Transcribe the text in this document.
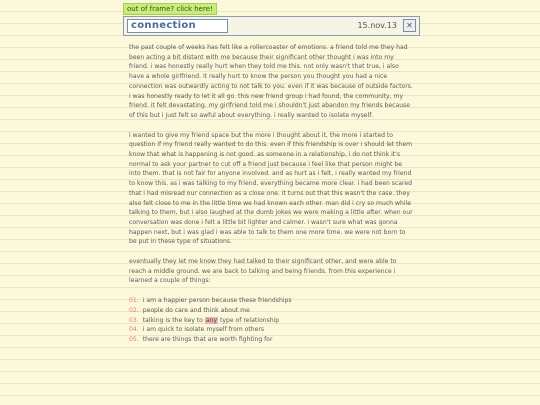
out of frame? click here!
connection	15.nov.13	✕

the past couple of weeks has felt like a rollercoaster of emotions. a friend told me they had been acting a bit distant with me because their significant other thought i was into my friend. i was honestly really hurt when they told me this. not only wasn't that true, i also have a whole girlfriend. it really hurt to know the person you thought you had a nice connection was outwardly acting to not talk to you. even if it was because of outside factors. i was honestly ready to let it all go. this new friend group i had found, the community, my friend. it felt devastating. my girlfriend told me i shouldn't just abandon my friends because of this but i just felt so awful about everything. i really wanted to isolate myself.

i wanted to give my friend space but the more i thought about it, the more i started to question if my friend really wanted to do this. even if this friendship is over i should let them know that what is happening is not good. as someone in a relationship, i do not think it's normal to ask your partner to cut off a friend just because i feel like that person might be into them. that is not fair for anyone involved. and as hurt as i felt, i really wanted my friend to know this. as i was talking to my friend, everything became more clear. i had been scared that i had misread our connection as a close one. it turns out that this wasn't the case. they also felt close to me in the little time we had known each other. man did i cry so much while talking to them, but i also laughed at the dumb jokes we were making a little after. when our conversation was done i felt a little bit lighter and calmer. i wasn't sure what was gonna happen next, but i was glad i was able to talk to them one more time. we were not born to be put in these type of situations.

eventually they let me know they had talked to their significant other, and were able to reach a middle ground. we are back to talking and being friends. from this experience i learned a couple of things:

01. i am a happier person because these friendships
02. people do care and think about me
03. talking is the key to any type of relationship
04. i am quick to isolate myself from others
05. there are things that are worth fighting for
